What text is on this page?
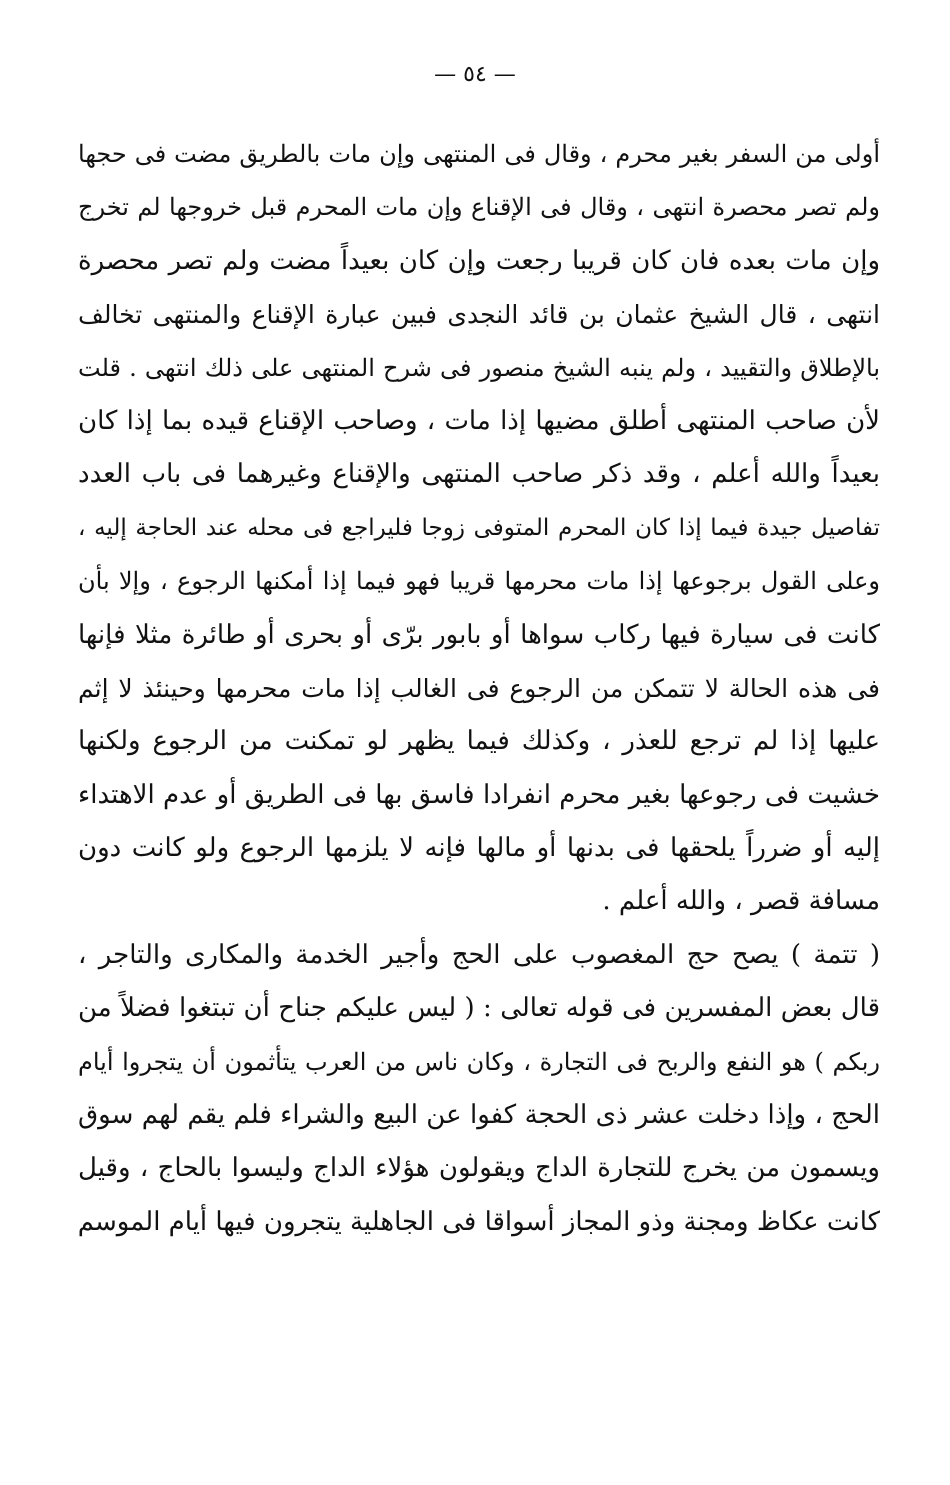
— ٥٤ —
أولى من السفر بغير محرم ، وقال فى المنتهى وإن مات بالطريق مضت فى حجها
ولم تصر محصرة انتهى ، وقال فى الإقناع وإن مات المحرم قبل خروجها لم تخرج
وإن مات بعده فان كان قريبا رجعت وإن كان بعيداً مضت ولم تصر محصرة
انتهى ، قال الشيخ عثمان بن قائد النجدى فبين عبارة الإقناع والمنتهى تخالف
بالإطلاق والتقييد ، ولم ينبه الشيخ منصور فى شرح المنتهى على ذلك انتهى . قلت
لأن صاحب المنتهى أطلق مضيها إذا مات ، وصاحب الإقناع قيده بما إذا كان
بعيداً والله أعلم ، وقد ذكر صاحب المنتهى والإقناع وغيرهما فى باب العدد
تفاصيل جيدة فيما إذا كان المحرم المتوفى زوجا فليراجع فى محله عند الحاجة إليه ،
وعلى القول برجوعها إذا مات محرمها قريبا فهو فيما إذا أمكنها الرجوع ، وإلا بأن
كانت فى سيارة فيها ركاب سواها أو بابور برّى أو بحرى أو طائرة مثلا فإنها
فى هذه الحالة لا تتمكن من الرجوع فى الغالب إذا مات محرمها وحينئذ لا إثم
عليها إذا لم ترجع للعذر ، وكذلك فيما يظهر لو تمكنت من الرجوع ولكنها
خشيت فى رجوعها بغير محرم انفرادا فاسق بها فى الطريق أو عدم الاهتداء
إليه أو ضرراً يلحقها فى بدنها أو مالها فإنه لا يلزمها الرجوع ولو كانت دون
مسافة قصر ، والله أعلم .
( تتمة ) يصح حج المغصوب على الحج وأجير الخدمة والمكارى والتاجر ،
قال بعض المفسرين فى قوله تعالى : ( ليس عليكم جناح أن تبتغوا فضلاً من
ربكم ) هو النفع والربح فى التجارة ، وكان ناس من العرب يتأثمون أن يتجروا أيام
الحج ، وإذا دخلت عشر ذى الحجة كفوا عن البيع والشراء فلم يقم لهم سوق
ويسمون من يخرج للتجارة الداج ويقولون هؤلاء الداج وليسوا بالحاج ، وقيل
كانت عكاظ ومجنة وذو المجاز أسواقا فى الجاهلية يتجرون فيها أيام الموسم
